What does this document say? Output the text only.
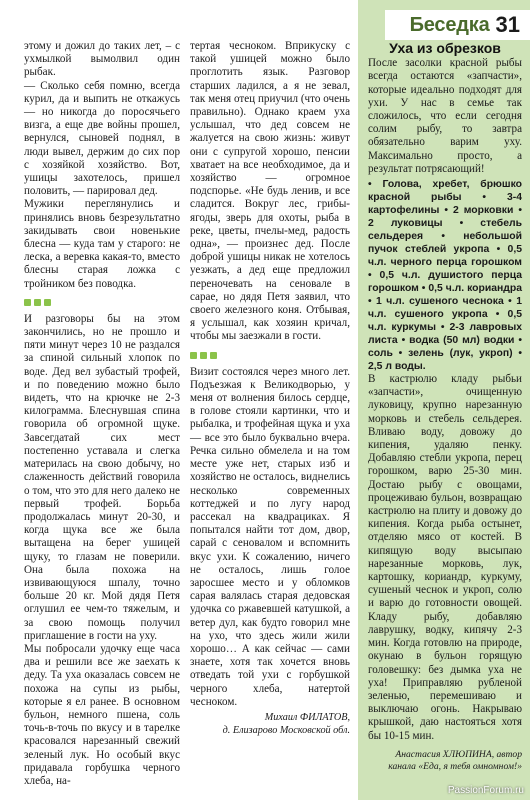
этому и дожил до таких лет, – с ухмылкой вымолвил один рыбак.

— Сколько себя помню, всегда курил, да и выпить не откажусь — но никогда до поросячьего визга, а еще две войны прошел, вернулся, сыновей поднял, в люди вывел, держим до сих пор с хозяйкой хозяйство. Вот, ушицы захотелось, пришел половить, — парировал дед.

Мужики переглянулись и принялись вновь безрезультатно закидывать свои новенькие блесна — куда там у старого: не леска, а веревка какая-то, вместо блесны старая ложка с тройником без поводка.

И разговоры бы на этом закончились, но не прошло и пяти минут через 10 не раздался за спиной сильный хлопок по воде. Дед вел зубастый трофей, и по поведению можно было видеть, что на крючке не 2-3 килограмма. Блеснувшая спина говорила об огромной щуке. Завсегдатай сих мест постепенно уставала и слегка материлась на свою добычу, но слаженность действий говорила о том, что это для него далеко не первый трофей. Борьба продолжалась минут 20-30, и когда щука все же была вытащена на берег ушицей щуку, то глазам не поверили. Она была похожа на извивающуюся шпалу, точно больше 20 кг. Мой дядя Петя оглушил ее чем-то тяжелым, и за свою помощь получил приглашение в гости на уху.

Мы побросали удочку еще часа два и решили все же заехать к деду. Та уха оказалась совсем не похожа на супы из рыбы, которые я ел ранее. В основном бульон, немного пшена, соль точь-в-точь по вкусу и в тарелке красовался нарезанный свежий зеленый лук. Но особый вкус придавала горбушка черного хлеба, на-

тертая чесноком. Вприкуску с такой ушицей можно было проглотить язык. Разговор старших ладился, а я не зевал, так меня отец приучил (что очень правильно). Однако краем уха услышал, что дед совсем не жалуется на свою жизнь: живут они с супругой хорошо, пенсии хватает на все необходимое, да и хозяйство — огромное подспорье. «Не будь ленив, и все сладится. Вокруг лес, грибы-ягоды, зверь для охоты, рыба в реке, цветы, пчелы-мед, радость одна», — произнес дед. После доброй ушицы никак не хотелось уезжать, а дед еще предложил переночевать на сеновале в сарае, но дядя Петя заявил, что своего железного коня. Отбывая, я услышал, как хозяин кричал, чтобы мы заезжали в гости.

Визит состоялся через много лет. Подъезжая к Великодворью, у меня от волнения билось сердце, в голове стояли картинки, что и рыбалка, и трофейная щука и уха — все это было буквально вчера. Речка сильно обмелела и на том месте уже нет, старых изб и хозяйство не осталось, виднелись несколько современных коттеджей и по лугу народ рассекал на квадрациках. Я попытался найти тот дом, двор, сарай с сеновалом и вспомнить вкус ухи. К сожалению, ничего не осталось, лишь голое заросшее место и у обломков сарая валялась старая дедовская удочка со ржавевшей катушкой, а ветер дул, как будто говорил мне на ухо, что здесь жили жили хорошо… А как сейчас — сами знаете, хотя так хочется вновь отведать той ухи с горбушкой черного хлеба, натертой чесноком.

Михаил ФИЛАТОВ,
д. Елизарово Московской обл.
Беседка 31
Уха из обрезков

После засолки красной рыбы всегда остаются «запчасти», которые идеально подходят для ухи. У нас в семье так сложилось, что если сегодня солим рыбу, то завтра обязательно варим уху. Максимально просто, а результат потрясающий!

• Голова, хребет, брюшко красной рыбы • 3-4 картофелины • 2 морковки • 2 луковицы • стебель сельдерея • небольшой пучок стеблей укропа • 0,5 ч.л. черного перца горошком • 0,5 ч.л. душистого перца горошком • 0,5 ч.л. кориандра • 1 ч.л. сушеного чеснока • 1 ч.л. сушеного укропа • 0,5 ч.л. куркумы • 2-3 лавровых листа • водка (50 мл) водки • соль • зелень (лук, укроп) • 2,5 л воды.

В кастрюлю кладу рыбьи «запчасти», очищенную луковицу, крупно нарезанную морковь и стебель сельдерея. Вливаю воду, довожу до кипения, удаляю пенку. Добавляю стебли укропа, перец горошком, варю 25-30 мин. Достаю рыбу с овощами, процеживаю бульон, возвращаю кастрюлю на плиту и довожу до кипения. Когда рыба остынет, отделяю мясо от костей. В кипящую воду высыпаю нарезанные морковь, лук, картошку, кориандр, куркуму, сушеный чеснок и укроп, солю и варю до готовности овощей. Кладу рыбу, добавляю лаврушку, водку, кипячу 2-3 мин. Когда готовлю на природе, окунаю в бульон горящую головешку: без дымка уха не уха! Приправляю рубленой зеленью, перемешиваю и выключаю огонь. Накрываю крышкой, даю настояться хотя бы 10-15 мин.

Анастасия ХЛЮПИНА, автор
канала «Еда, я тебя омномном!»
PassionForum.ru
